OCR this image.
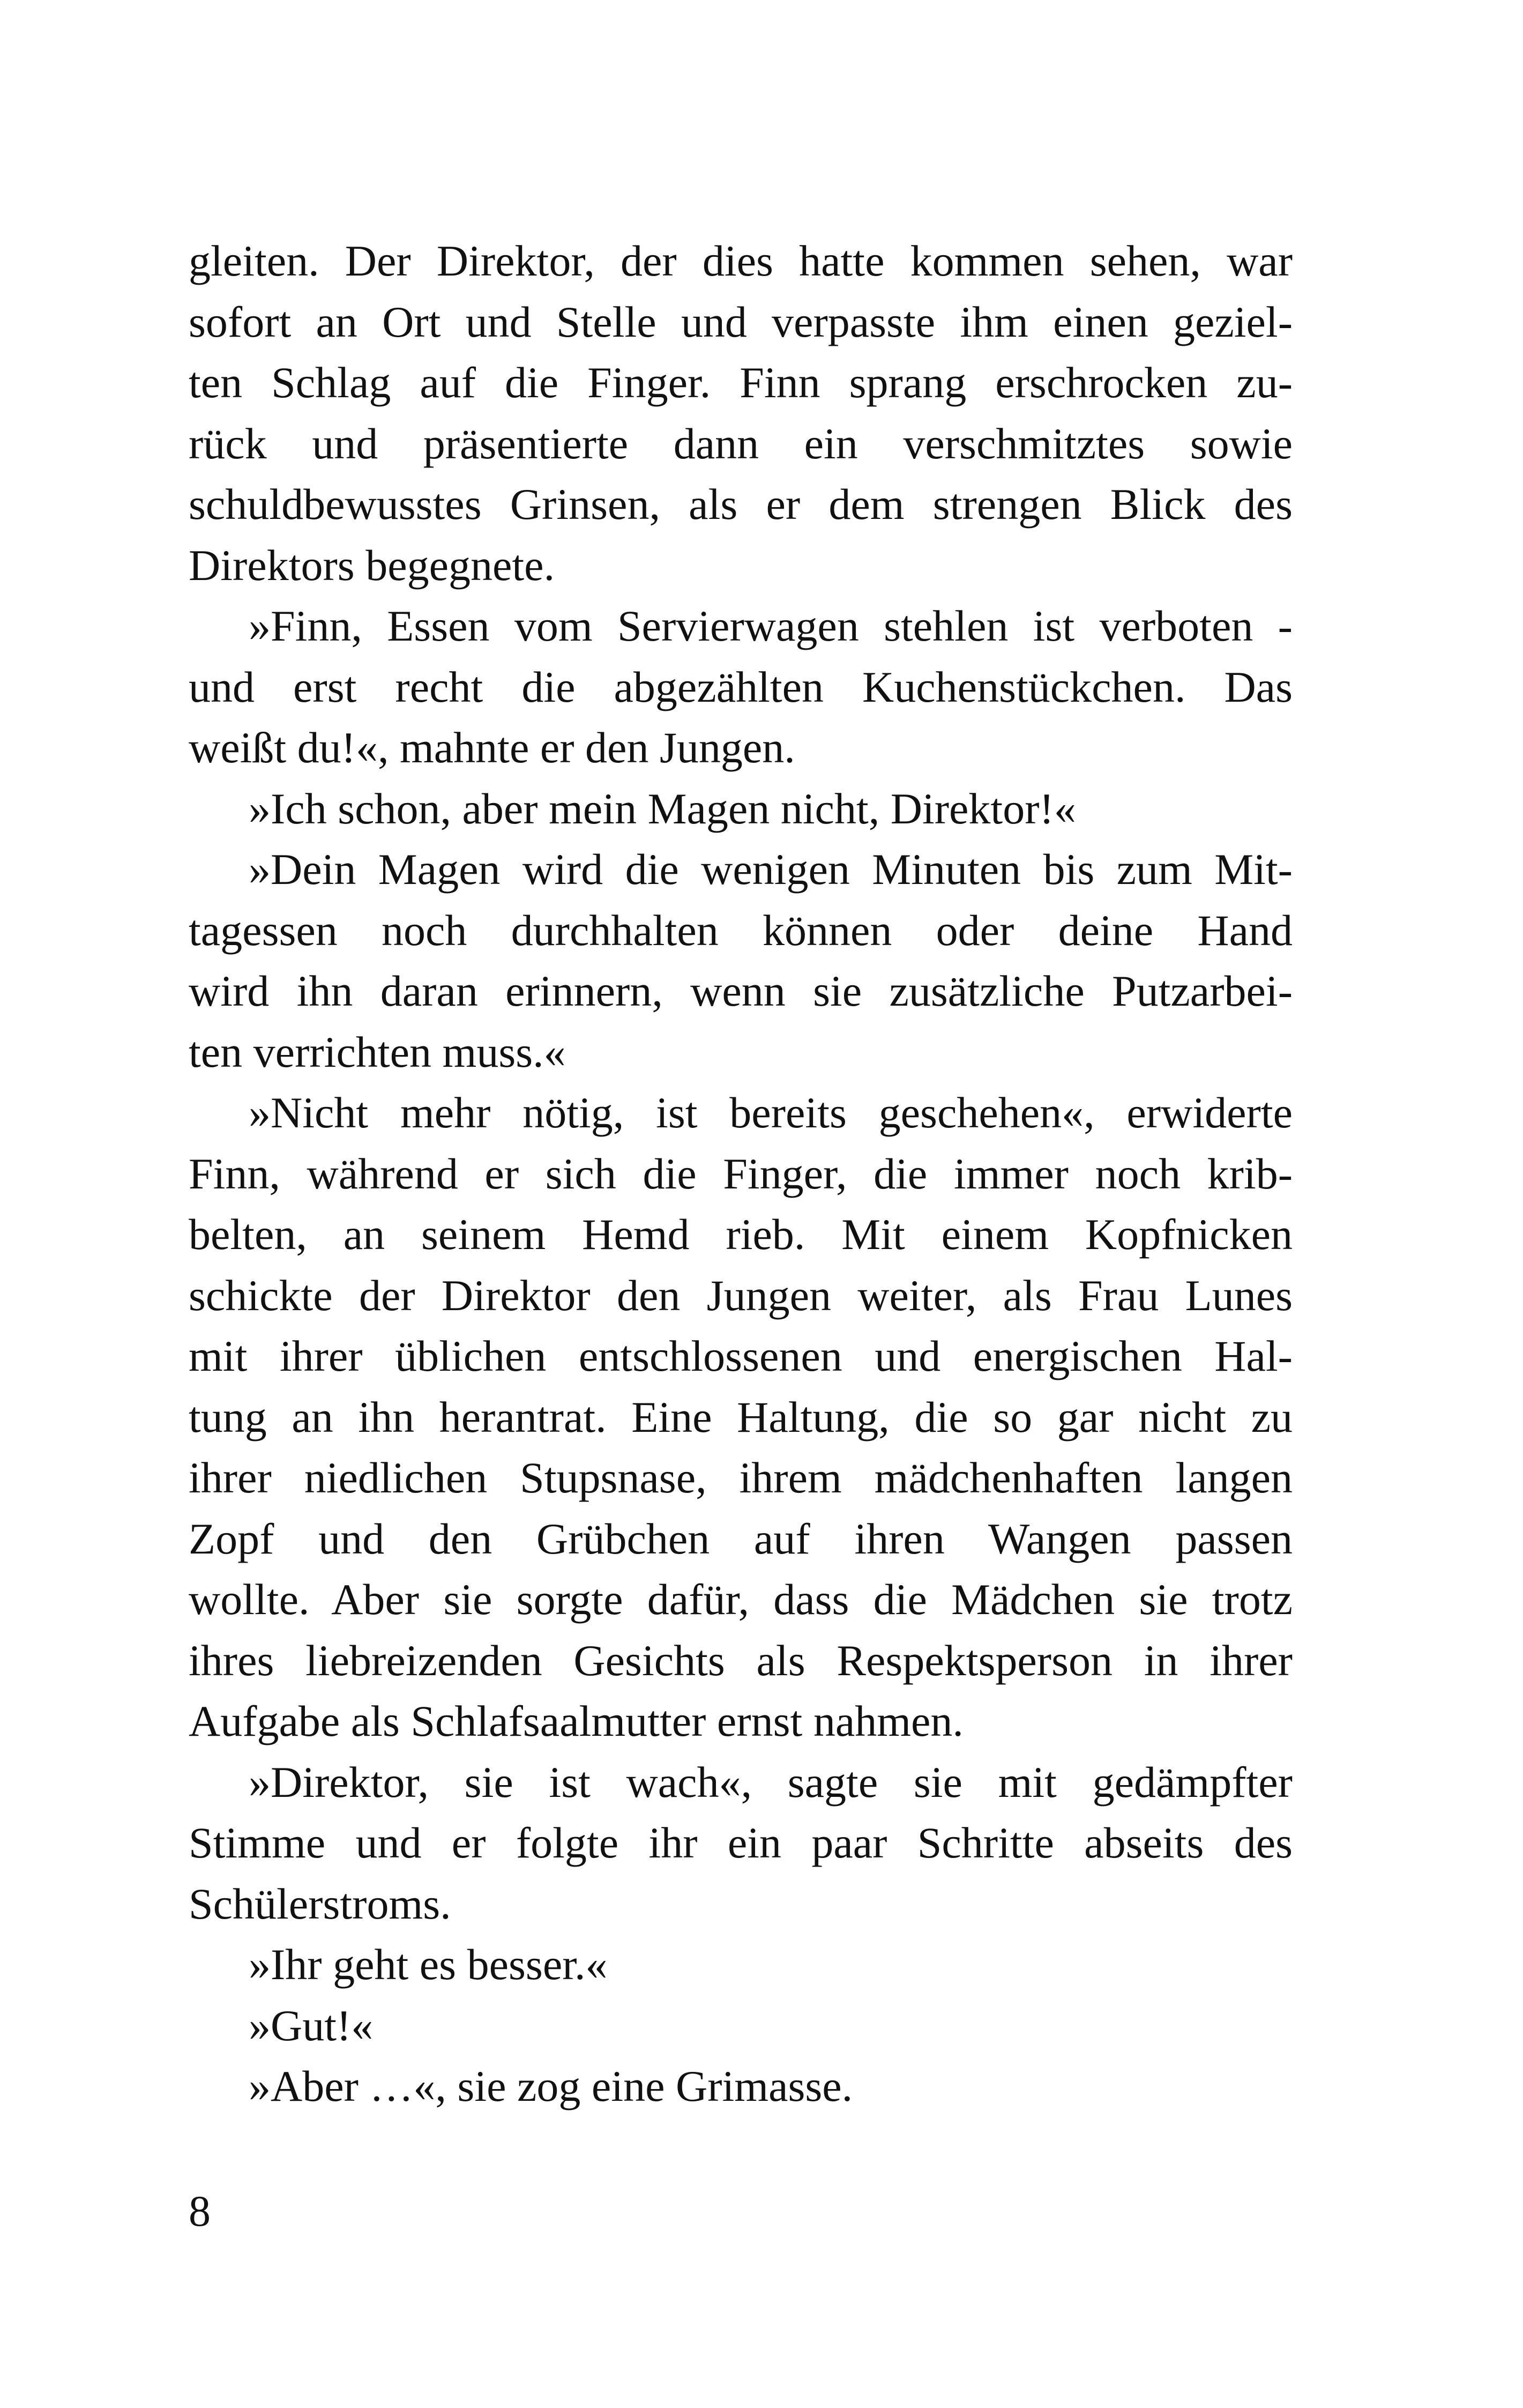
gleiten. Der Direktor, der dies hatte kommen sehen, war
sofort an Ort und Stelle und verpasste ihm einen geziel-
ten Schlag auf die Finger. Finn sprang erschrocken zu-
rück und präsentierte dann ein verschmitztes sowie
schuldbewusstes Grinsen, als er dem strengen Blick des
Direktors begegnete.
»Finn, Essen vom Servierwagen stehlen ist verboten -
und erst recht die abgezählten Kuchenstückchen. Das
weißt du!«, mahnte er den Jungen.
»Ich schon, aber mein Magen nicht, Direktor!«
»Dein Magen wird die wenigen Minuten bis zum Mit-
tagessen noch durchhalten können oder deine Hand
wird ihn daran erinnern, wenn sie zusätzliche Putzarbei-
ten verrichten muss.«
»Nicht mehr nötig, ist bereits geschehen«, erwiderte
Finn, während er sich die Finger, die immer noch krib-
belten, an seinem Hemd rieb. Mit einem Kopfnicken
schickte der Direktor den Jungen weiter, als Frau Lunes
mit ihrer üblichen entschlossenen und energischen Hal-
tung an ihn herantrat. Eine Haltung, die so gar nicht zu
ihrer niedlichen Stupsnase, ihrem mädchenhaften langen
Zopf und den Grübchen auf ihren Wangen passen
wollte. Aber sie sorgte dafür, dass die Mädchen sie trotz
ihres liebreizenden Gesichts als Respektsperson in ihrer
Aufgabe als Schlafsaalmutter ernst nahmen.
»Direktor, sie ist wach«, sagte sie mit gedämpfter
Stimme und er folgte ihr ein paar Schritte abseits des
Schülerstroms.
»Ihr geht es besser.«
»Gut!«
»Aber …«, sie zog eine Grimasse.
8
